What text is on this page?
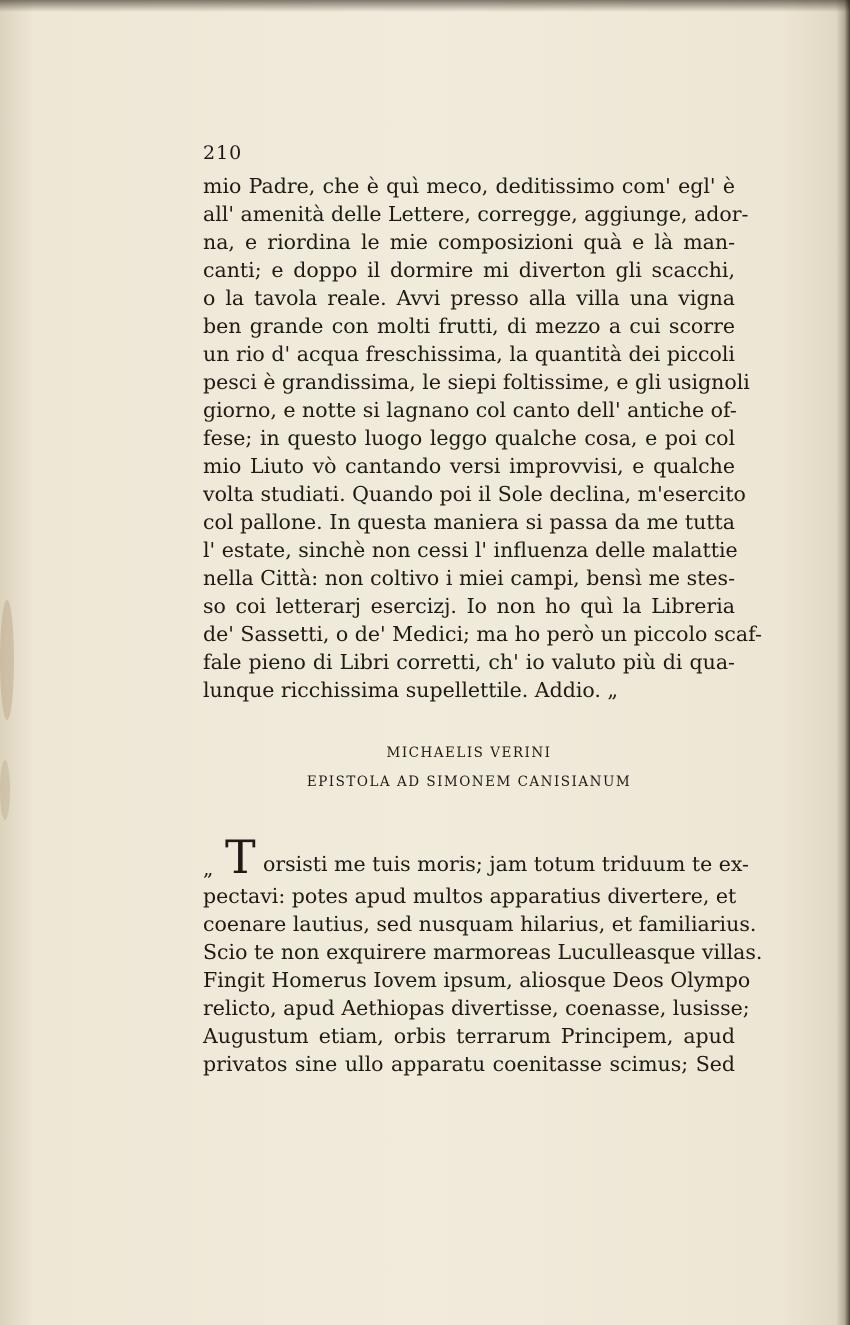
210
mio Padre, che è quì meco, deditissimo com' egl' è
all' amenità delle Lettere, corregge, aggiunge, ador-
na, e riordina le mie composizioni quà e là man-
canti; e doppo il dormire mi diverton gli scacchi,
o la tavola reale. Avvi presso alla villa una vigna
ben grande con molti frutti, di mezzo a cui scorre
un rio d' acqua freschissima, la quantità dei piccoli
pesci è grandissima, le siepi foltissime, e gli usignoli
giorno, e notte si lagnano col canto dell' antiche of-
fese; in questo luogo leggo qualche cosa, e poi col
mio Liuto vò cantando versi improvvisi, e qualche
volta studiati. Quando poi il Sole declina, m'esercito
col pallone. In questa maniera si passa da me tutta
l' estate, sinchè non cessi l' influenza delle malattie
nella Città: non coltivo i miei campi, bensì me stes-
so coi letterarj esercizj. Io non ho quì la Libreria
de' Sassetti, o de' Medici; ma ho però un piccolo scaf-
fale pieno di Libri corretti, ch' io valuto più di qua-
lunque ricchissima supellettile. Addio. „
MICHAELIS VERINI
EPISTOLA AD SIMONEM CANISIANUM
„ T orsisti me tuis moris; jam totum triduum te ex-
pectavi: potes apud multos apparatius divertere, et
coenare lautius, sed nusquam hilarius, et familiarius.
Scio te non exquirere marmoreas Luculleasque villas.
Fingit Homerus Iovem ipsum, aliosque Deos Olympo
relicto, apud Aethiopas divertisse, coenasse, lusisse;
Augustum etiam, orbis terrarum Principem, apud
privatos sine ullo apparatu coenitasse scimus; Sed
